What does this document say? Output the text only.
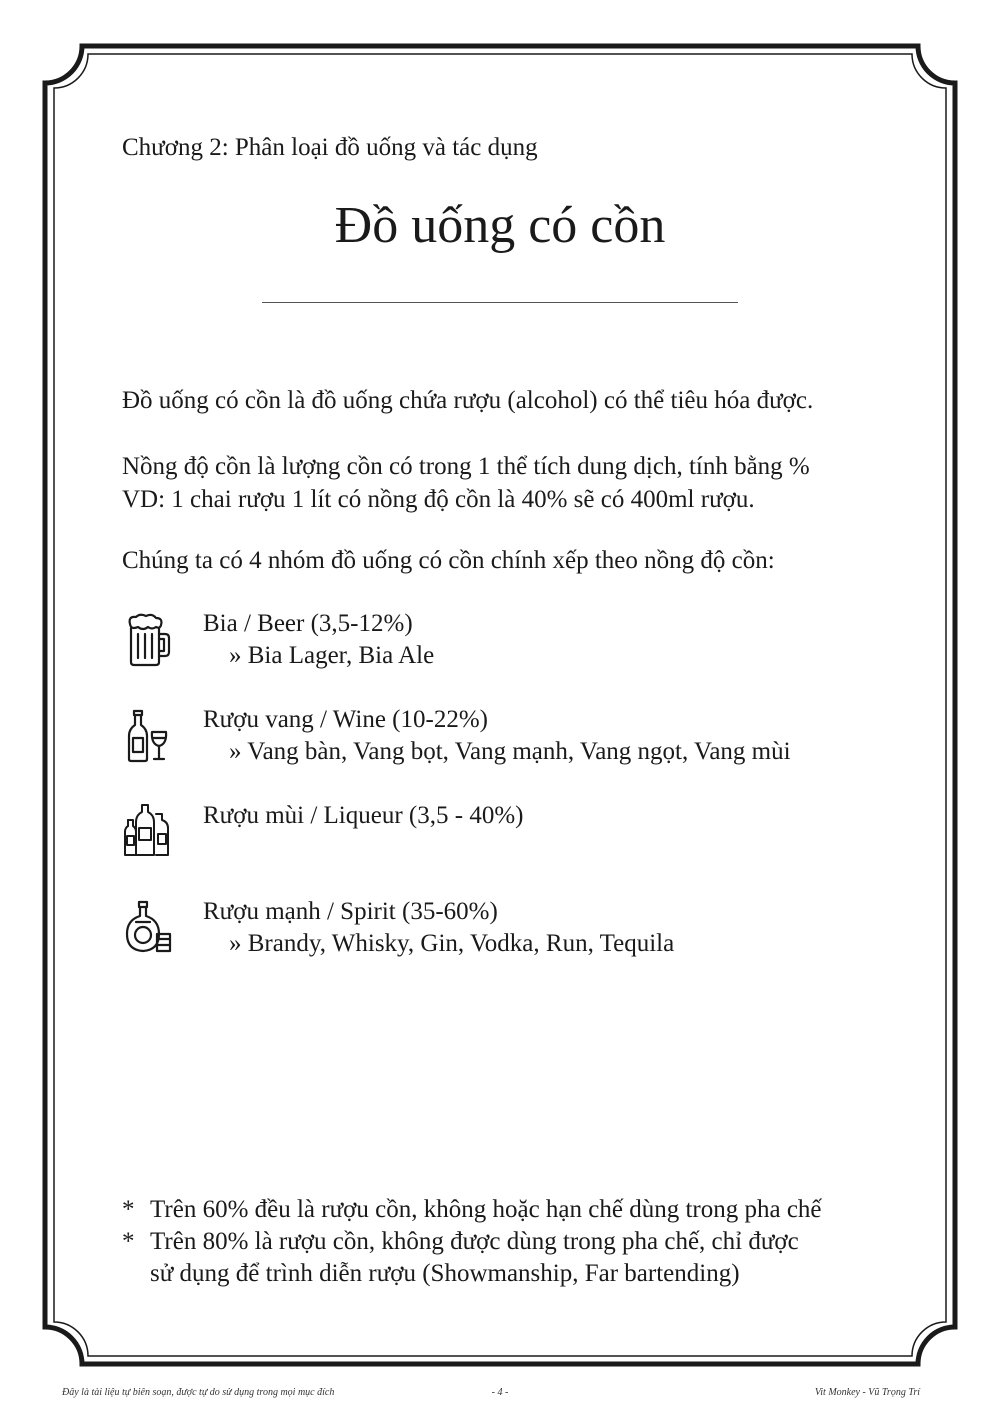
Chương 2: Phân loại đồ uống và tác dụng
Đồ uống có cồn
Đồ uống có cồn là đồ uống chứa rượu (alcohol) có thể tiêu hóa được.
Nồng độ cồn là lượng cồn có trong 1 thể tích dung dịch, tính bằng %
VD: 1 chai rượu 1 lít có nồng độ cồn là 40% sẽ có 400ml rượu.
Chúng ta có 4 nhóm đồ uống có cồn chính xếp theo nồng độ cồn:
Bia / Beer (3,5-12%)
» Bia Lager, Bia Ale
Rượu vang / Wine (10-22%)
» Vang bàn, Vang bọt, Vang mạnh, Vang ngọt, Vang mùi
Rượu mùi / Liqueur (3,5 - 40%)
Rượu mạnh / Spirit (35-60%)
» Brandy, Whisky, Gin, Vodka, Run, Tequila
* Trên 60% đều là rượu cồn, không hoặc hạn chế dùng trong pha chế
* Trên 80% là rượu cồn, không được dùng trong pha chế, chỉ được
sử dụng để trình diễn rượu (Showmanship, Far bartending)
Đây là tài liệu tự biên soạn, được tự do sử dụng trong mọi mục đích	- 4 -	Vit Monkey - Vũ Trọng Trí
